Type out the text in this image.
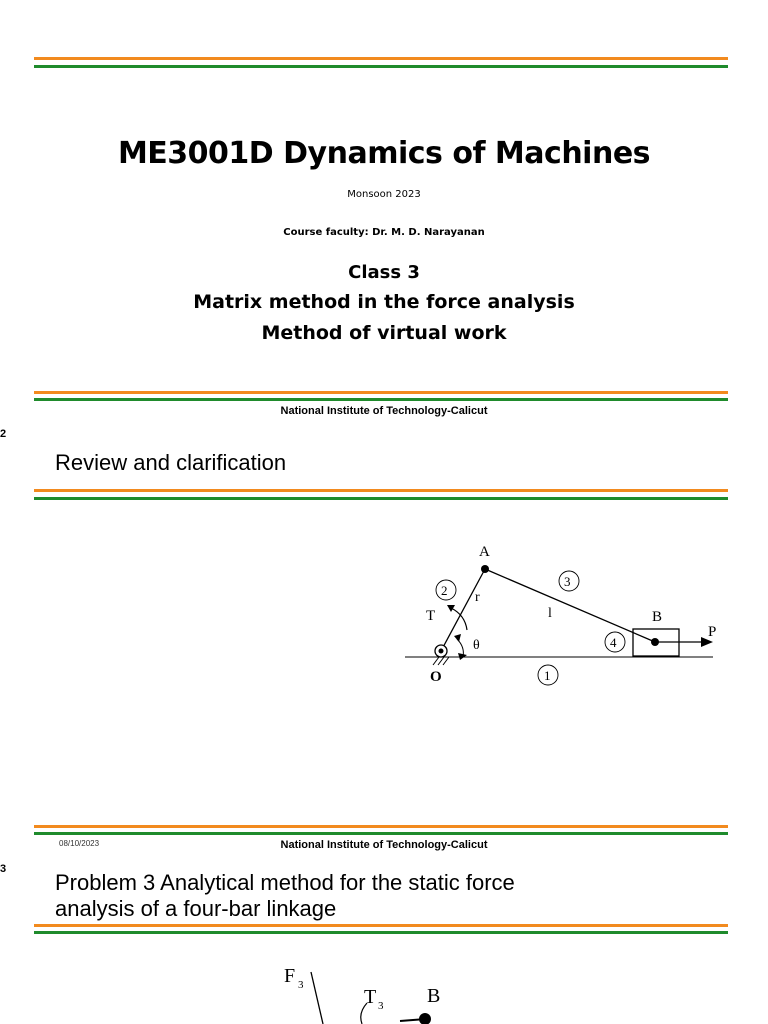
ME3001D Dynamics of Machines
Monsoon 2023
Course faculty: Dr. M. D. Narayanan
Class 3
Matrix method in the force analysis
Method of virtual work
National Institute of Technology-Calicut
2
Review and clarification
A
B
O
P
T
r
l
θ
2
3
4
1
08/10/2023	National Institute of Technology-Calicut
3
Problem 3 Analytical method for the static force
analysis of a four-bar linkage
F 3
T 3 B
